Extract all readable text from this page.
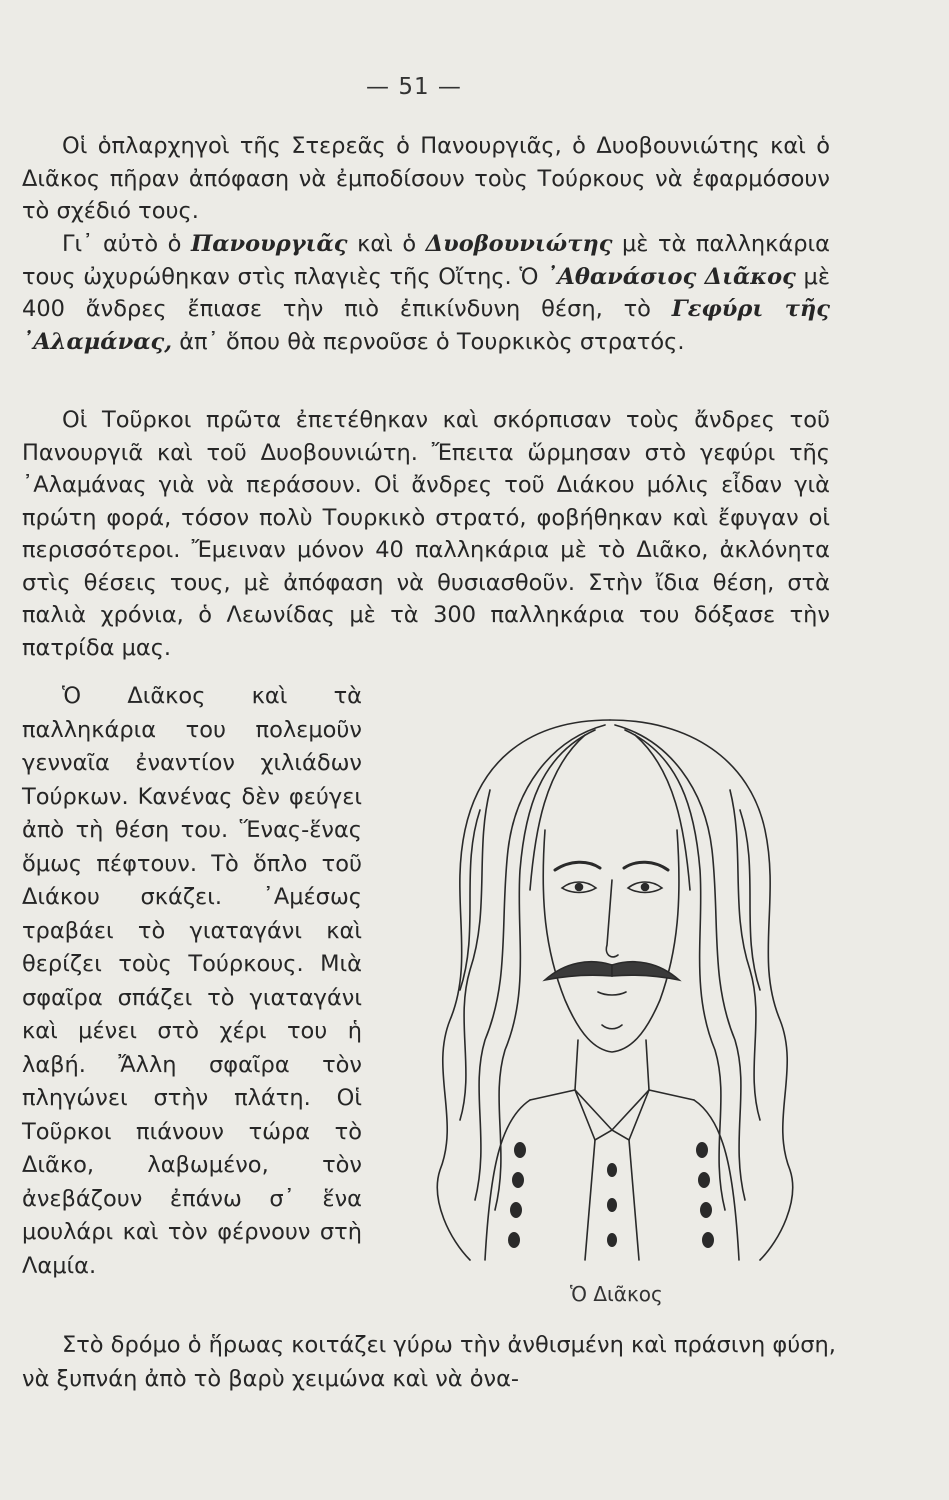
— 51 —

Οἱ ὁπλαρχηγοὶ τῆς Στερεᾶς ὁ Πανουργιᾶς, ὁ Δυοβουνιώτης καὶ ὁ Διᾶκος πῆραν ἀπόφαση νὰ ἐμποδίσουν τοὺς Τούρκους νὰ ἐφαρμόσουν τὸ σχέδιό τους.

Γι᾿ αὐτὸ ὁ Πανουργιᾶς καὶ ὁ Δυοβουνιώτης μὲ τὰ παλληκάρια τους ὠχυρώθηκαν στὶς πλαγιὲς τῆς Οἴτης. Ὁ ᾿Αθανάσιος Διᾶκος μὲ 400 ἄνδρες ἔπιασε τὴν πιὸ ἐπικίνδυνη θέση, τὸ Γεφύρι τῆς ᾿Αλαμάνας, ἀπ᾿ ὅπου θὰ περνοῦσε ὁ Τουρκικὸς στρατός.

Οἱ Τοῦρκοι πρῶτα ἐπετέθηκαν καὶ σκόρπισαν τοὺς ἄνδρες τοῦ Πανουργιᾶ καὶ τοῦ Δυοβουνιώτη. Ἔπειτα ὥρμησαν στὸ γεφύρι τῆς ᾿Αλαμάνας γιὰ νὰ περάσουν. Οἱ ἄνδρες τοῦ Διάκου μόλις εἶδαν γιὰ πρώτη φορά, τόσον πολὺ Τουρκικὸ στρατό, φοβήθηκαν καὶ ἔφυγαν οἱ περισσότεροι. Ἔμειναν μόνον 40 παλληκάρια μὲ τὸ Διᾶκο, ἀκλόνητα στὶς θέσεις τους, μὲ ἀπόφαση νὰ θυσιασθοῦν. Στὴν ἴδια θέση, στὰ παλιὰ χρόνια, ὁ Λεωνίδας μὲ τὰ 300 παλληκάρια του δόξασε τὴν πατρίδα μας.

Ὁ Διᾶκος καὶ τὰ παλληκάρια του πολεμοῦν γενναῖα ἐναντίον χιλιάδων Τούρκων. Κανένας δὲν φεύγει ἀπὸ τὴ θέση του. Ἕνας-ἕνας ὅμως πέφτουν. Τὸ ὅπλο τοῦ Διάκου σκάζει. ᾿Αμέσως τραβάει τὸ γιαταγάνι καὶ θερίζει τοὺς Τούρκους. Μιὰ σφαῖρα σπάζει τὸ γιαταγάνι καὶ μένει στὸ χέρι του ἡ λαβή. Ἄλλη σφαῖρα τὸν πληγώνει στὴν πλάτη. Οἱ Τοῦρκοι πιάνουν τώρα τὸ Διᾶκο, λαβωμένο, τὸν ἀνεβάζουν ἐπάνω σ᾿ ἕνα μουλάρι καὶ τὸν φέρνουν στὴ Λαμία.

Ὁ Διᾶκος

Στὸ δρόμο ὁ ἥρωας κοιτάζει γύρω τὴν ἀνθισμένη καὶ πράσινη φύση, νὰ ξυπνάη ἀπὸ τὸ βαρὺ χειμώνα καὶ νὰ ὀνα-
